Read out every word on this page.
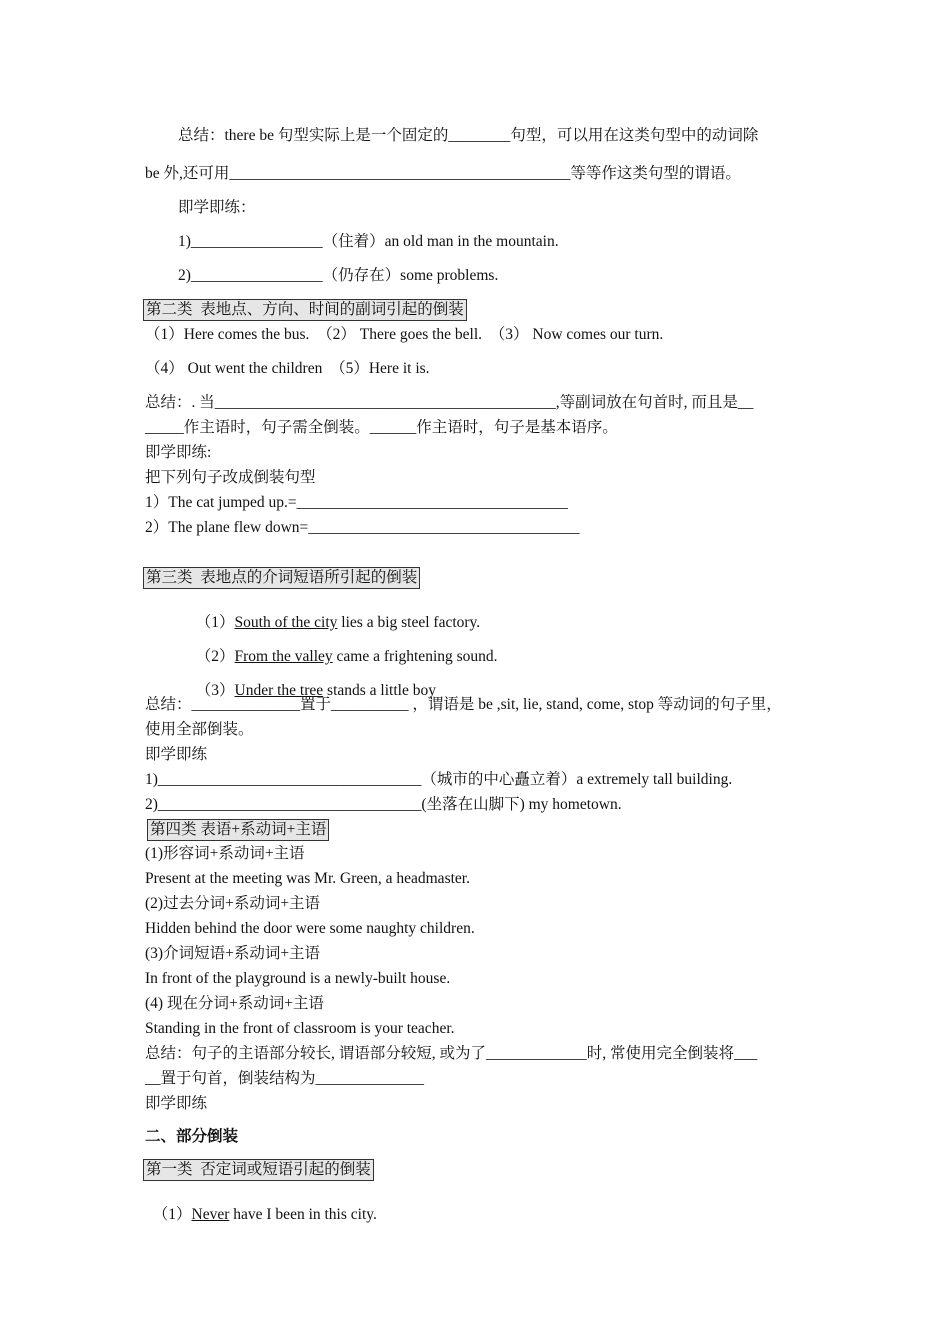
总结：there be 句型实际上是一个固定的________句型，可以用在这类句型中的动词除
be 外,还可用____________________________________________等等作这类句型的谓语。
即学即练：
1)_________________（住着）an old man in the mountain.
2)_________________（仍存在）some problems.
第二类  表地点、方向、时间的副词引起的倒装
（1）Here comes the bus.  （2） There goes the bell.  （3） Now comes our turn.
（4） Out went the children  （5）Here it is.
总结：. 当____________________________________________,等副词放在句首时, 而且是__
_____作主语时，句子需全倒装。______作主语时，句子是基本语序。
即学即练:
把下列句子改成倒装句型
1）The cat jumped up.=___________________________________
2）The plane flew down=___________________________________
第三类  表地点的介词短语所引起的倒装

（1）South of the city lies a big steel factory.

（2）From the valley came a frightening sound.

（3）Under the tree stands a little boy

总结：______________置于__________ ，谓语是 be ,sit, lie, stand, come, stop 等动词的句子里，
使用全部倒装。
即学即练
1)__________________________________（城市的中心矗立着）a extremely tall building.
2)__________________________________(坐落在山脚下) my hometown.
第四类 表语+系动词+主语
(1)形容词+系动词+主语
Present at the meeting was Mr. Green, a headmaster.
(2)过去分词+系动词+主语
Hidden behind the door were some naughty children.
(3)介词短语+系动词+主语
In front of the playground is a newly-built house.
(4) 现在分词+系动词+主语
Standing in the front of classroom is your teacher.
总结：句子的主语部分较长, 谓语部分较短, 或为了_____________时, 常使用完全倒装将___
__置于句首，倒装结构为______________
即学即练
二、部分倒装
第一类  否定词或短语引起的倒装

（1）Never have I been in this city.
